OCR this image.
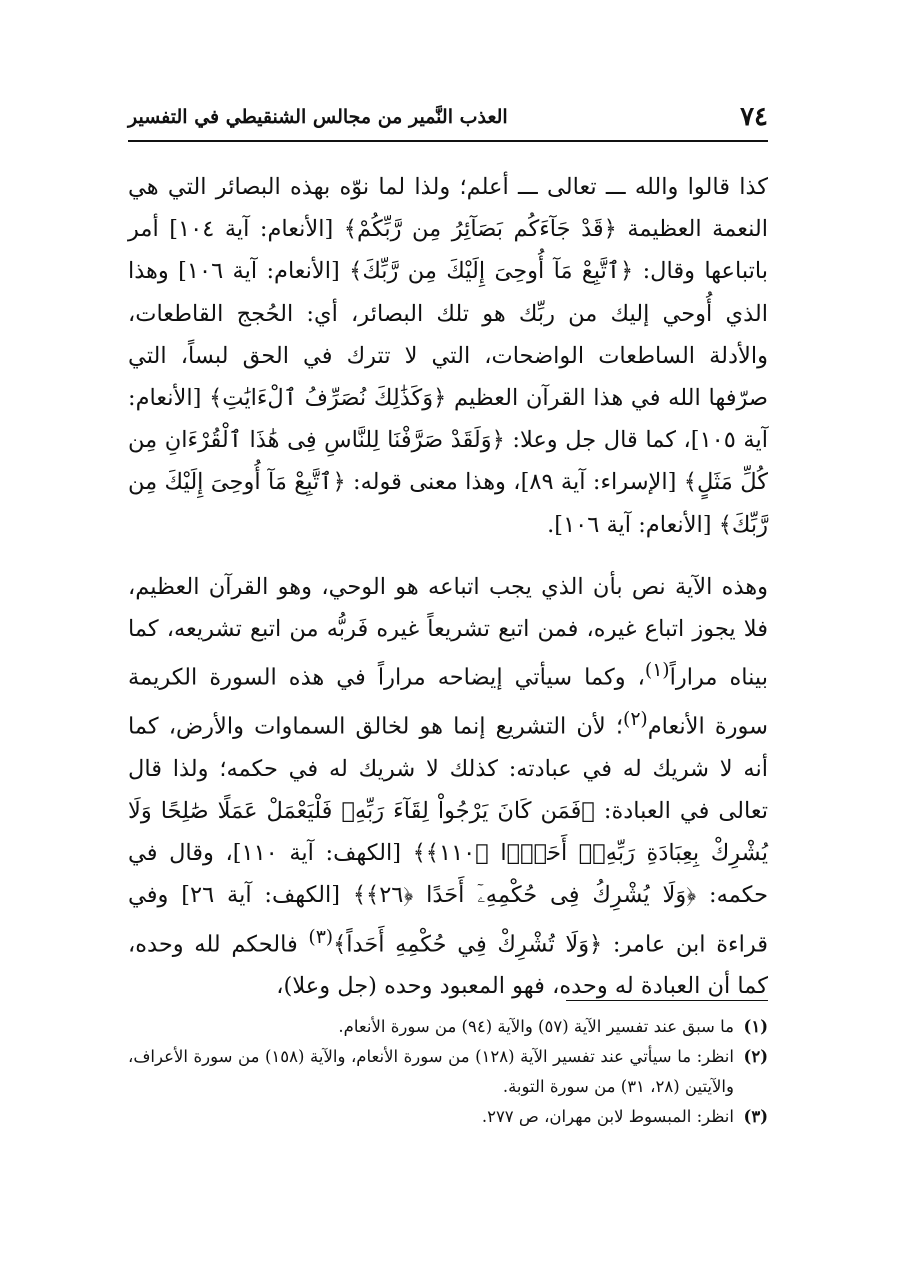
٧٤
العذب النَّمير من مجالس الشنقيطي في التفسير

كذا قالوا والله ـــ تعالى ـــ أعلم؛ ولذا لما نوّه بهذه البصائر التي هي النعمة العظيمة ﴿قَدْ جَآءَكُم بَصَآئِرُ مِن رَّبِّكُمْ﴾ [الأنعام: آية ١٠٤] أمر باتباعها وقال: ﴿ٱتَّبِعْ مَآ أُوحِىَ إِلَيْكَ مِن رَّبِّكَ﴾ [الأنعام: آية ١٠٦] وهذا الذي أُوحي إليك من ربِّك هو تلك البصائر، أي: الحُجج القاطعات، والأدلة الساطعات الواضحات، التي لا تترك في الحق لبساً، التي صرّفها الله في هذا القرآن العظيم ﴿وَكَذَٰلِكَ نُصَرِّفُ ٱلْءَايَٰتِ﴾ [الأنعام: آية ١٠٥]، كما قال جل وعلا: ﴿وَلَقَدْ صَرَّفْنَا لِلنَّاسِ فِى هَٰذَا ٱلْقُرْءَانِ مِن كُلِّ مَثَلٍ﴾ [الإسراء: آية ٨٩]، وهذا معنى قوله: ﴿ٱتَّبِعْ مَآ أُوحِىَ إِلَيْكَ مِن رَّبِّكَ﴾ [الأنعام: آية ١٠٦].

وهذه الآية نص بأن الذي يجب اتباعه هو الوحي، وهو القرآن العظيم، فلا يجوز اتباع غيره، فمن اتبع تشريعاً غيره فَربُّه من اتبع تشريعه، كما بيناه مراراً$^{(١)}$، وكما سيأتي إيضاحه مراراً في هذه السورة الكريمة سورة الأنعام$^{(٢)}$؛ لأن التشريع إنما هو لخالق السماوات والأرض، كما أنه لا شريك له في عبادته: كذلك لا شريك له في حكمه؛ ولذا قال تعالى في العبادة: ﴿فَمَن كَانَ يَرْجُواْ لِقَآءَ رَبِّهِۦ فَلْيَعْمَلْ عَمَلًا صَٰلِحًا وَلَا يُشْرِكْ بِعِبَادَةِ رَبِّهِۦٓ أَحَدًۢا ﴿١١٠﴾﴾ [الكهف: آية ١١٠]، وقال في حكمه: ﴿وَلَا يُشْرِكُ فِى حُكْمِهِۦٓ أَحَدًا ﴿٢٦﴾﴾ [الكهف: آية ٢٦] وفي قراءة ابن عامر: ﴿وَلَا تُشْرِكْ فِي حُكْمِهِ أَحَداً﴾$^{(٣)}$ فالحكم لله وحده، كما أن العبادة له وحده، فهو المعبود وحده (جل وعلا)،

(١)
ما سبق عند تفسير الآية (٥٧) والآية (٩٤) من سورة الأنعام.
(٢)
انظر: ما سيأتي عند تفسير الآية (١٢٨) من سورة الأنعام، والآية (١٥٨) من سورة الأعراف، والآيتين (٢٨، ٣١) من سورة التوبة.
(٣)
انظر: المبسوط لابن مهران، ص ٢٧٧.
